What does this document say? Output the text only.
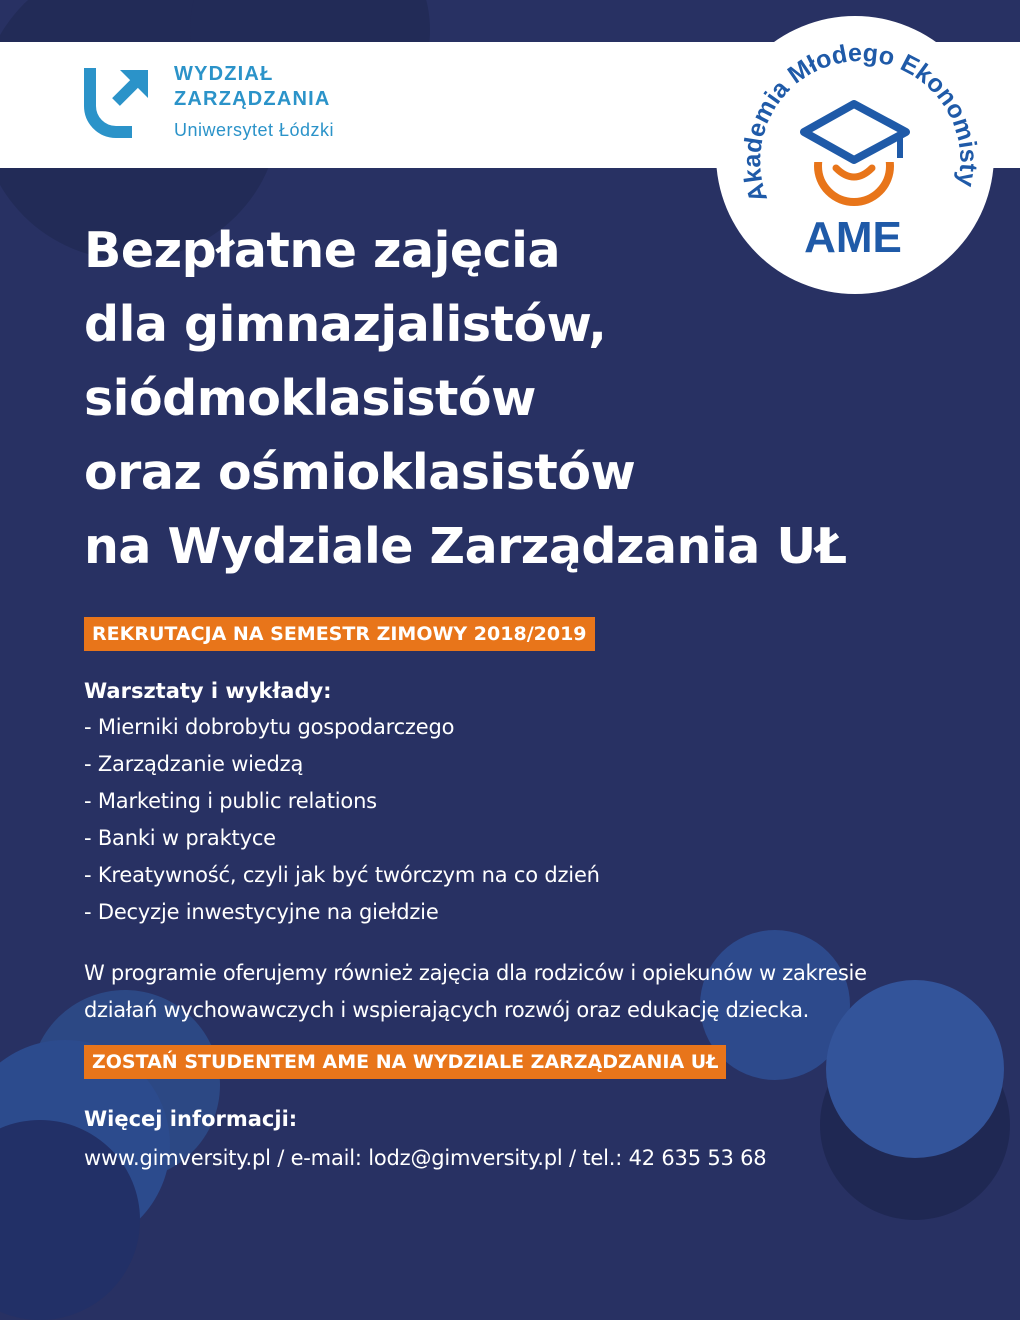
WYDZIAŁ
ZARZĄDZANIA
Uniwersytet Łódzki
Akademia Młodego Ekonomisty
AME
Bezpłatne zajęcia
dla gimnazjalistów,
siódmoklasistów
oraz ośmioklasistów
na Wydziale Zarządzania UŁ
REKRUTACJA NA SEMESTR ZIMOWY 2018/2019
Warsztaty i wykłady:
- Mierniki dobrobytu gospodarczego
- Zarządzanie wiedzą
- Marketing i public relations
- Banki w praktyce
- Kreatywność, czyli jak być twórczym na co dzień
- Decyzje inwestycyjne na giełdzie
W programie oferujemy również zajęcia dla rodziców i opiekunów w zakresie
działań wychowawczych i wspierających rozwój oraz edukację dziecka.
ZOSTAŃ STUDENTEM AME NA WYDZIALE ZARZĄDZANIA UŁ
Więcej informacji:
www.gimversity.pl / e-mail: lodz@gimversity.pl / tel.: 42 635 53 68
